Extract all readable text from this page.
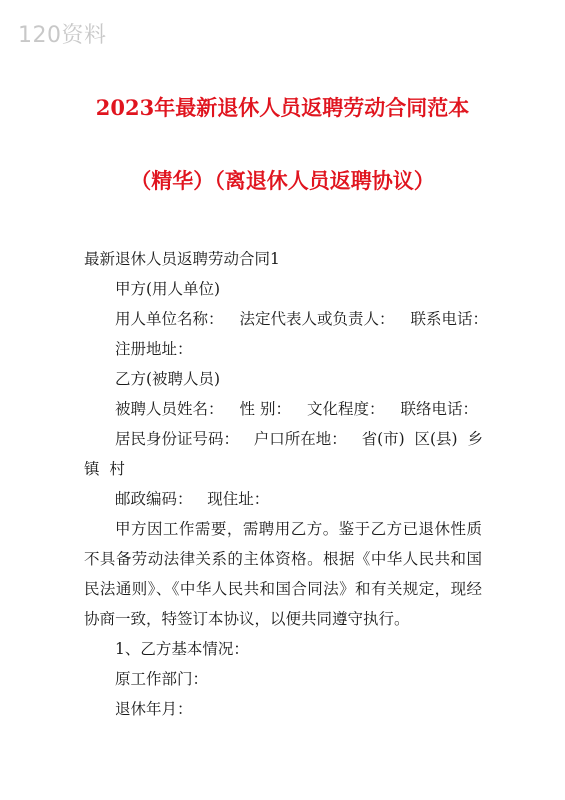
120资料
2023年最新退休人员返聘劳动合同范本
（精华）（离退休人员返聘协议）
最新退休人员返聘劳动合同1
甲方(用人单位)
用人单位名称： 法定代表人或负责人： 联系电话：
注册地址：
乙方(被聘人员)
被聘人员姓名： 性 别： 文化程度： 联络电话：
居民身份证号码：   户口所在地：   省(市)  区(县)  乡
镇  村
邮政编码：   现住址：
甲方因工作需要，需聘用乙方。鉴于乙方已退休性质不具备劳动法律关系的主体资格。根据《中华人民共和国民法通则》、《中华人民共和国合同法》和有关规定，现经协商一致，特签订本协议，以便共同遵守执行。
1、乙方基本情况：
原工作部门：
退休年月：
